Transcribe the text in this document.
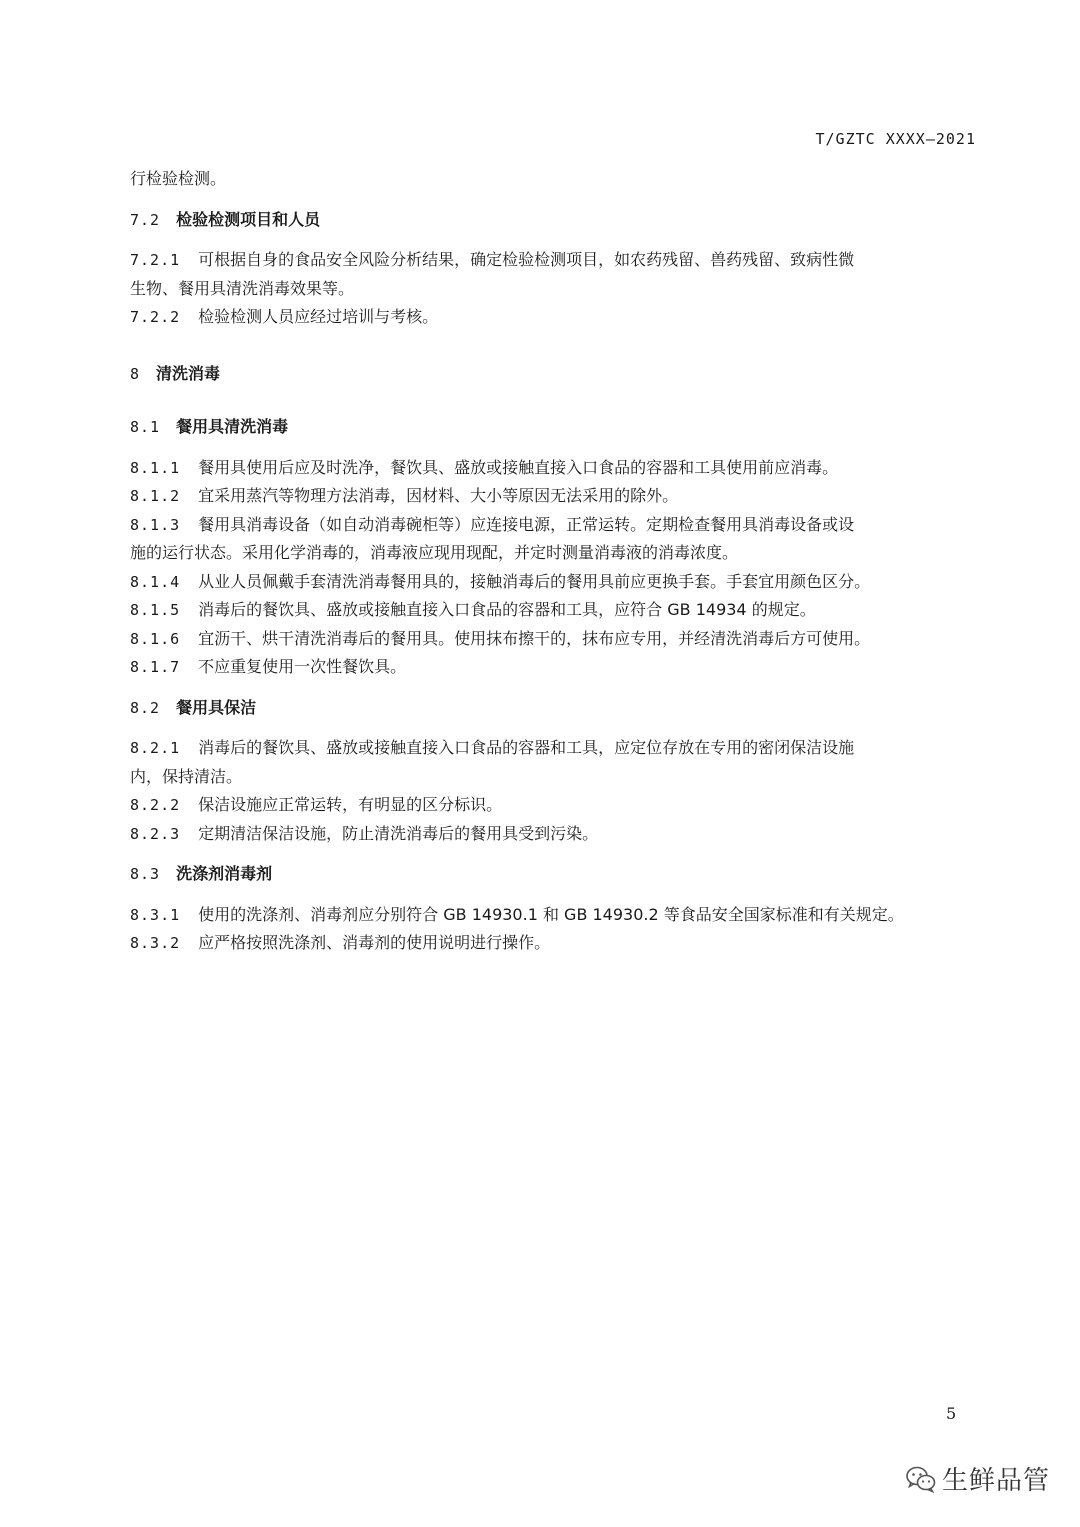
T/GZTC XXXX—2021

行检验检测。

7.2 检验检测项目和人员

7.2.1 可根据自身的食品安全风险分析结果，确定检验检测项目，如农药残留、兽药残留、致病性微

生物、餐用具清洗消毒效果等。

7.2.2 检验检测人员应经过培训与考核。

8 清洗消毒

8.1 餐用具清洗消毒

8.1.1 餐用具使用后应及时洗净，餐饮具、盛放或接触直接入口食品的容器和工具使用前应消毒。

8.1.2 宜采用蒸汽等物理方法消毒，因材料、大小等原因无法采用的除外。

8.1.3 餐用具消毒设备（如自动消毒碗柜等）应连接电源，正常运转。定期检查餐用具消毒设备或设

施的运行状态。采用化学消毒的，消毒液应现用现配，并定时测量消毒液的消毒浓度。

8.1.4 从业人员佩戴手套清洗消毒餐用具的，接触消毒后的餐用具前应更换手套。手套宜用颜色区分。

8.1.5 消毒后的餐饮具、盛放或接触直接入口食品的容器和工具，应符合 GB 14934 的规定。

8.1.6 宜沥干、烘干清洗消毒后的餐用具。使用抹布擦干的，抹布应专用，并经清洗消毒后方可使用。

8.1.7 不应重复使用一次性餐饮具。

8.2 餐用具保洁

8.2.1 消毒后的餐饮具、盛放或接触直接入口食品的容器和工具，应定位存放在专用的密闭保洁设施

内，保持清洁。

8.2.2 保洁设施应正常运转，有明显的区分标识。

8.2.3 定期清洁保洁设施，防止清洗消毒后的餐用具受到污染。

8.3 洗涤剂消毒剂

8.3.1 使用的洗涤剂、消毒剂应分别符合 GB 14930.1 和 GB 14930.2 等食品安全国家标准和有关规定。

8.3.2 应严格按照洗涤剂、消毒剂的使用说明进行操作。

5
生鲜品管
